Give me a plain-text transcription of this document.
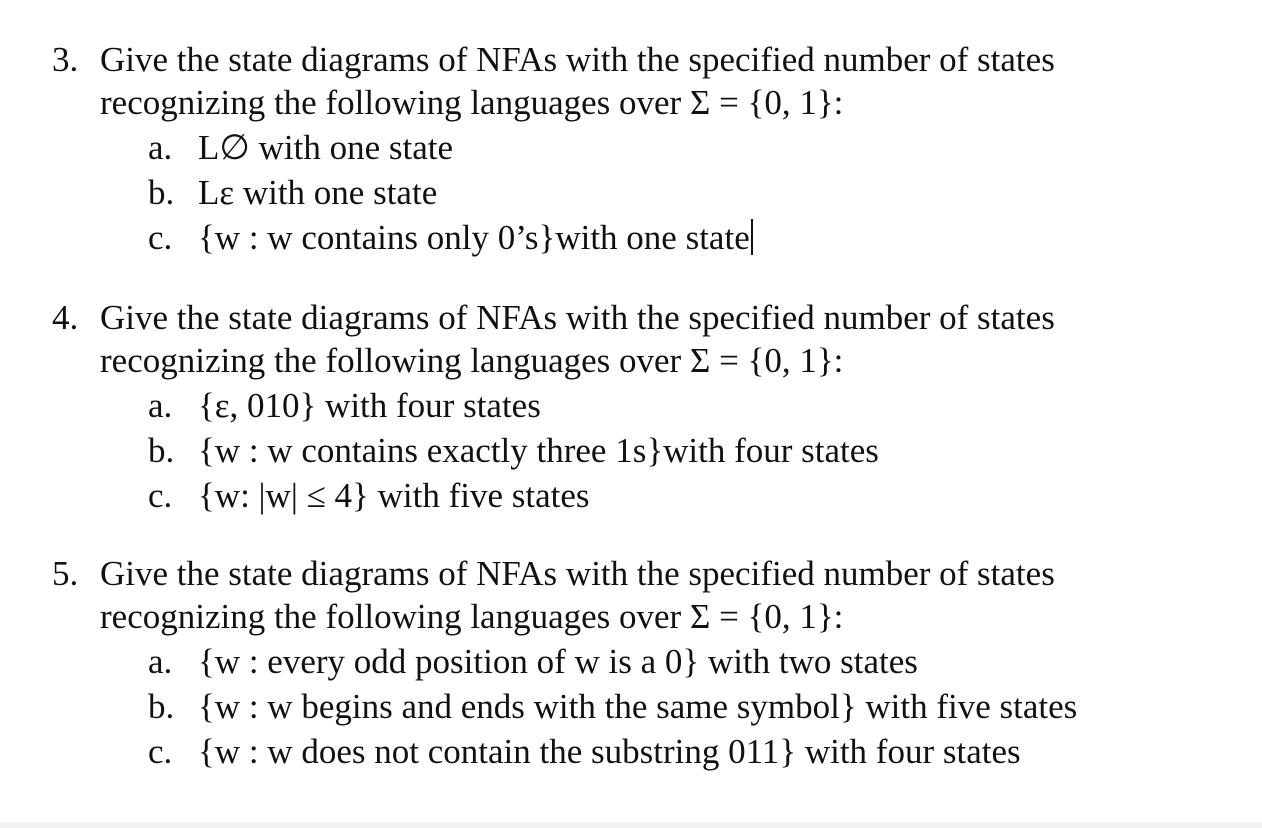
3. Give the state diagrams of NFAs with the specified number of states
recognizing the following languages over Σ = {0, 1}:
a. L∅ with one state
b. Lε with one state
c. {w : w contains only 0’s}with one state
4. Give the state diagrams of NFAs with the specified number of states
recognizing the following languages over Σ = {0, 1}:
a. {ε, 010} with four states
b. {w : w contains exactly three 1s}with four states
c. {w: |w| ≤ 4} with five states
5. Give the state diagrams of NFAs with the specified number of states
recognizing the following languages over Σ = {0, 1}:
a. {w : every odd position of w is a 0} with two states
b. {w : w begins and ends with the same symbol} with five states
c. {w : w does not contain the substring 011} with four states
